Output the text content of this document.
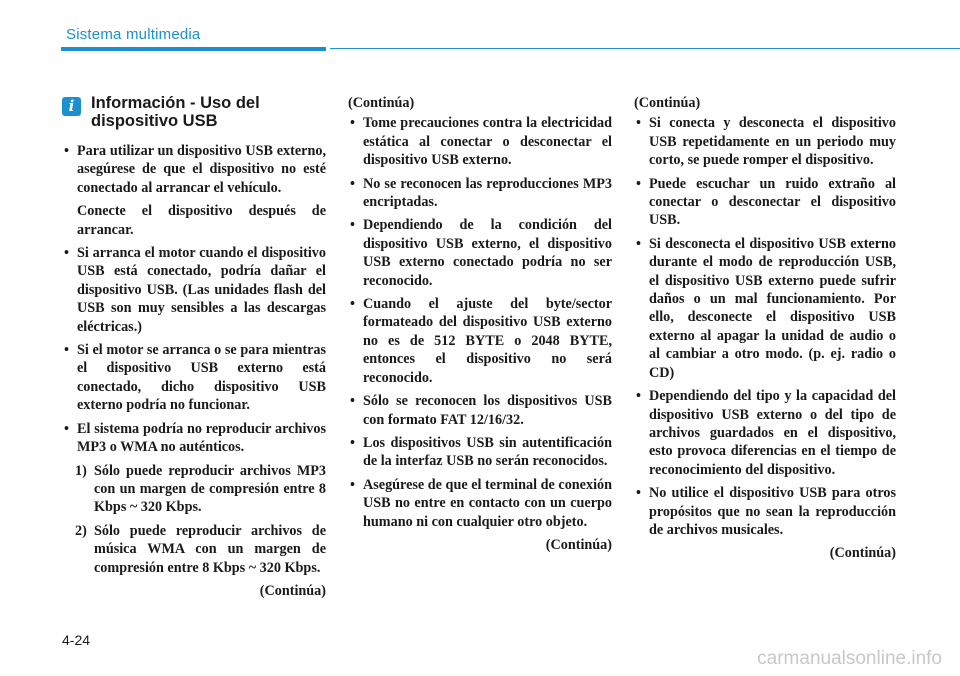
Sistema multimedia
i	Información - Uso del dispositivo USB
• Para utilizar un dispositivo USB externo, asegúrese de que el dispositivo no esté conectado al arrancar el vehículo.
Conecte el dispositivo después de arrancar.
• Si arranca el motor cuando el dispositivo USB está conectado, podría dañar el dispositivo USB. (Las unidades flash del USB son muy sensibles a las descargas eléctricas.)
• Si el motor se arranca o se para mientras el dispositivo USB externo está conectado, dicho dispositivo USB externo podría no funcionar.
• El sistema podría no reproducir archivos MP3 o WMA no auténticos.
1) Sólo puede reproducir archivos MP3 con un margen de compresión entre 8 Kbps ~ 320 Kbps.
2) Sólo puede reproducir archivos de música WMA con un margen de compresión entre 8 Kbps ~ 320 Kbps.
(Continúa)
(Continúa)
• Tome precauciones contra la electricidad estática al conectar o desconectar el dispositivo USB externo.
• No se reconocen las reproducciones MP3 encriptadas.
• Dependiendo de la condición del dispositivo USB externo, el dispositivo USB externo conectado podría no ser reconocido.
• Cuando el ajuste del byte/sector formateado del dispositivo USB externo no es de 512 BYTE o 2048 BYTE, entonces el dispositivo no será reconocido.
• Sólo se reconocen los dispositivos USB con formato FAT 12/16/32.
• Los dispositivos USB sin autentificación de la interfaz USB no serán reconocidos.
• Asegúrese de que el terminal de conexión USB no entre en contacto con un cuerpo humano ni con cualquier otro objeto.
(Continúa)
(Continúa)
• Si conecta y desconecta el dispositivo USB repetidamente en un periodo muy corto, se puede romper el dispositivo.
• Puede escuchar un ruido extraño al conectar o desconectar el dispositivo USB.
• Si desconecta el dispositivo USB externo durante el modo de reproducción USB, el dispositivo USB externo puede sufrir daños o un mal funcionamiento. Por ello, desconecte el dispositivo USB externo al apagar la unidad de audio o al cambiar a otro modo. (p. ej. radio o CD)
• Dependiendo del tipo y la capacidad del dispositivo USB externo o del tipo de archivos guardados en el dispositivo, esto provoca diferencias en el tiempo de reconocimiento del dispositivo.
• No utilice el dispositivo USB para otros propósitos que no sean la reproducción de archivos musicales.
(Continúa)
4-24
carmanualsonline.info
